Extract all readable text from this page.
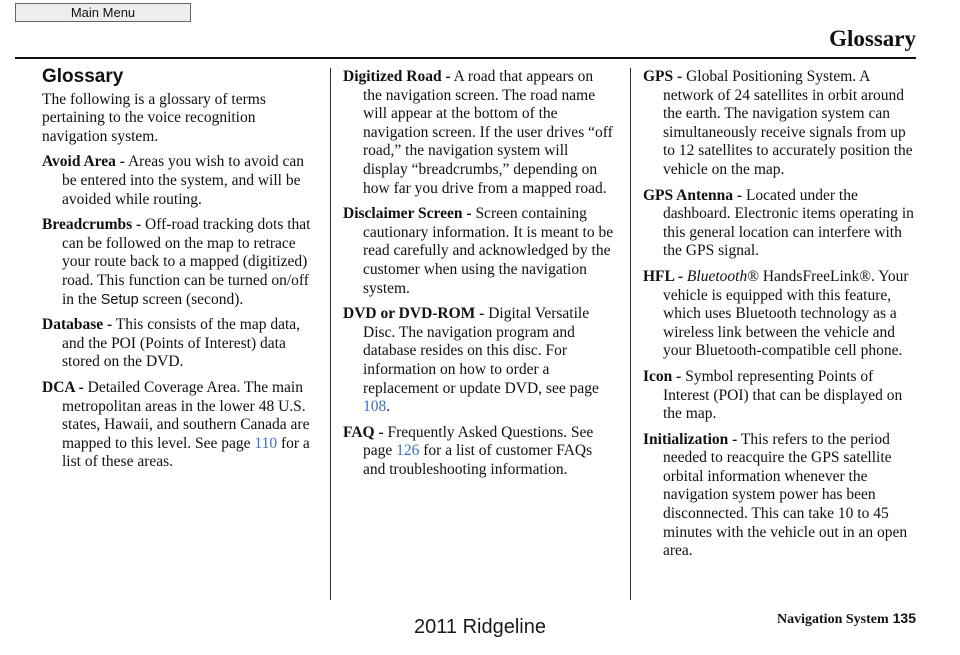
Main Menu
Glossary
Glossary

The following is a glossary of terms pertaining to the voice recognition navigation system.

Avoid Area - Areas you wish to avoid can be entered into the system, and will be avoided while routing.

Breadcrumbs - Off-road tracking dots that can be followed on the map to retrace your route back to a mapped (digitized) road. This function can be turned on/off in the Setup screen (second).

Database - This consists of the map data, and the POI (Points of Interest) data stored on the DVD.

DCA - Detailed Coverage Area. The main metropolitan areas in the lower 48 U.S. states, Hawaii, and southern Canada are mapped to this level. See page 110 for a list of these areas.

Digitized Road - A road that appears on the navigation screen. The road name will appear at the bottom of the navigation screen. If the user drives “off road,” the navigation system will display “breadcrumbs,” depending on how far you drive from a mapped road.

Disclaimer Screen - Screen containing cautionary information. It is meant to be read carefully and acknowledged by the customer when using the navigation system.

DVD or DVD-ROM - Digital Versatile Disc. The navigation program and database resides on this disc. For information on how to order a replacement or update DVD, see page 108.

FAQ - Frequently Asked Questions. See page 126 for a list of customer FAQs and troubleshooting information.

GPS - Global Positioning System. A network of 24 satellites in orbit around the earth. The navigation system can simultaneously receive signals from up to 12 satellites to accurately position the vehicle on the map.

GPS Antenna - Located under the dashboard. Electronic items operating in this general location can interfere with the GPS signal.

HFL - Bluetooth® HandsFreeLink®. Your vehicle is equipped with this feature, which uses Bluetooth technology as a wireless link between the vehicle and your Bluetooth-compatible cell phone.

Icon - Symbol representing Points of Interest (POI) that can be displayed on the map.

Initialization - This refers to the period needed to reacquire the GPS satellite orbital information whenever the navigation system power has been disconnected. This can take 10 to 45 minutes with the vehicle out in an open area.

Navigation System 135
2011 Ridgeline
